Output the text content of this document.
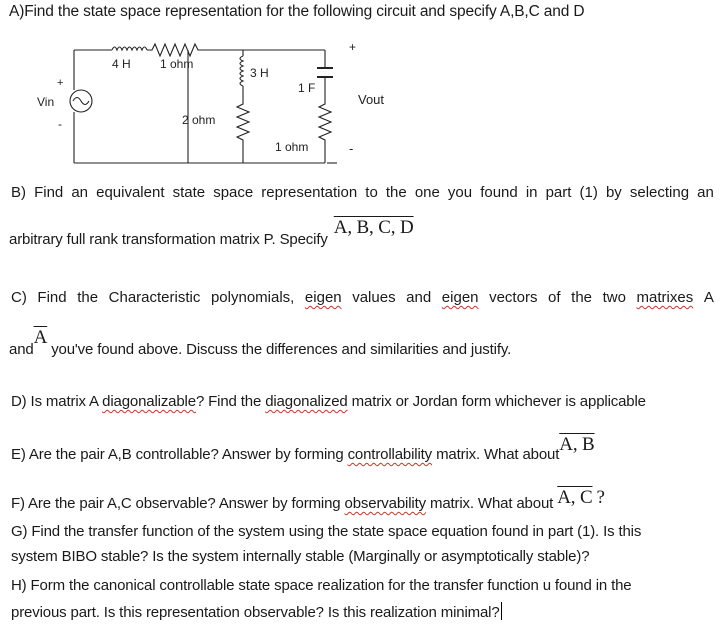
A)Find the state space representation for the following circuit and specify A,B,C and D
4 H 1 ohm
3 H
1 F
2 ohm
1 ohm
Vin	Vout
+
-
+
-
B) Find an equivalent state space representation to the one you found in part (1) by selecting an
arbitrary full rank transformation matrix P. Specify A, B, C, D
C) Find the Characteristic polynomials, eigen values and eigen vectors of the two matrixes A
$and\overline{A}$ you've found above. Discuss the differences and similarities and justify.
D) Is matrix A diagonalizable? Find the diagonalized matrix or Jordan form whichever is applicable
E) Are the pair A,B controllable? Answer by forming controllability matrix. What aboutA, B
F) Are the pair A,C observable? Answer by forming observability matrix. What about A, C ?
G) Find the transfer function of the system using the state space equation found in part (1). Is this
system BIBO stable? Is the system internally stable (Marginally or asymptotically stable)?
H) Form the canonical controllable state space realization for the transfer function u found in the
previous part. Is this representation observable? Is this realization minimal?
